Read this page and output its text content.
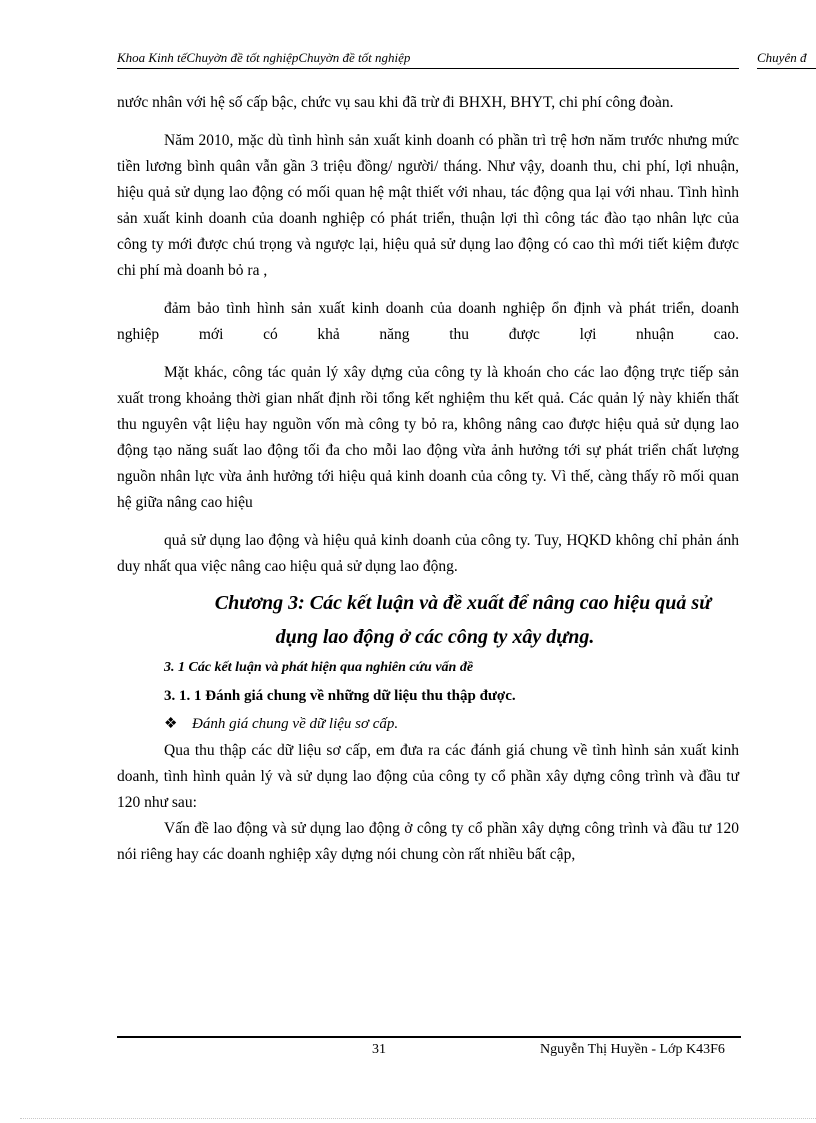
Khoa Kinh tếChuyờn đề tốt nghiệpChuyờn đề tốt nghiệp	Chuyên đ

nước nhân với hệ số cấp bậc, chức vụ sau khi đã trừ đi BHXH, BHYT, chi phí công đoàn.

Năm 2010, mặc dù tình hình sản xuất kinh doanh có phần trì trệ hơn năm trước nhưng mức tiền lương bình quân vẫn gần 3 triệu đồng/ người/ tháng. Như vậy, doanh thu, chi phí, lợi nhuận, hiệu quả sử dụng lao động có mối quan hệ mật thiết với nhau, tác động qua lại với nhau. Tình hình sản xuất kinh doanh của doanh nghiệp có phát triển, thuận lợi thì công tác đào tạo nhân lực của công ty mới được chú trọng và ngược lại, hiệu quả sử dụng lao động có cao thì mới tiết kiệm được chi phí mà doanh bỏ ra ,

đảm bảo tình hình sản xuất kinh doanh của doanh nghiệp ổn định và phát triển, doanh nghiệp mới có khả năng thu được lợi nhuận cao.

Mặt khác, công tác quản lý xây dựng của công ty là khoán cho các lao động trực tiếp sản xuất trong khoảng thời gian nhất định rồi tổng kết nghiệm thu kết quả. Các quản lý này khiến thất thu nguyên vật liệu hay nguồn vốn mà công ty bỏ ra, không nâng cao được hiệu quả sử dụng lao động tạo năng suất lao động tối đa cho mỗi lao động vừa ảnh hưởng tới sự phát triển chất lượng nguồn nhân lực vừa ảnh hưởng tới hiệu quả kinh doanh của công ty. Vì thế, càng thấy rõ mối quan hệ giữa nâng cao hiệu

quả sử dụng lao động và hiệu quả kinh doanh của công ty. Tuy, HQKD không chỉ phản ánh duy nhất qua việc nâng cao hiệu quả sử dụng lao động.

Chương 3: Các kết luận và đề xuất để nâng cao hiệu quả sử
dụng lao động ở các công ty xây dựng.

3. 1 Các kết luận và phát hiện qua nghiên cứu vấn đề

3. 1. 1 Đánh giá chung về những dữ liệu thu thập được.

❖ Đánh giá chung về dữ liệu sơ cấp.

Qua thu thập các dữ liệu sơ cấp, em đưa ra các đánh giá chung về tình hình sản xuất kinh doanh, tình hình quản lý và sử dụng lao động của công ty cổ phần xây dựng công trình và đầu tư 120 như sau:

Vấn đề lao động và sử dụng lao động ở công ty cổ phần xây dựng công trình và đầu tư 120 nói riêng hay các doanh nghiệp xây dựng nói chung còn rất nhiều bất cập,

31	Nguyễn Thị Huyền - Lớp K43F6
